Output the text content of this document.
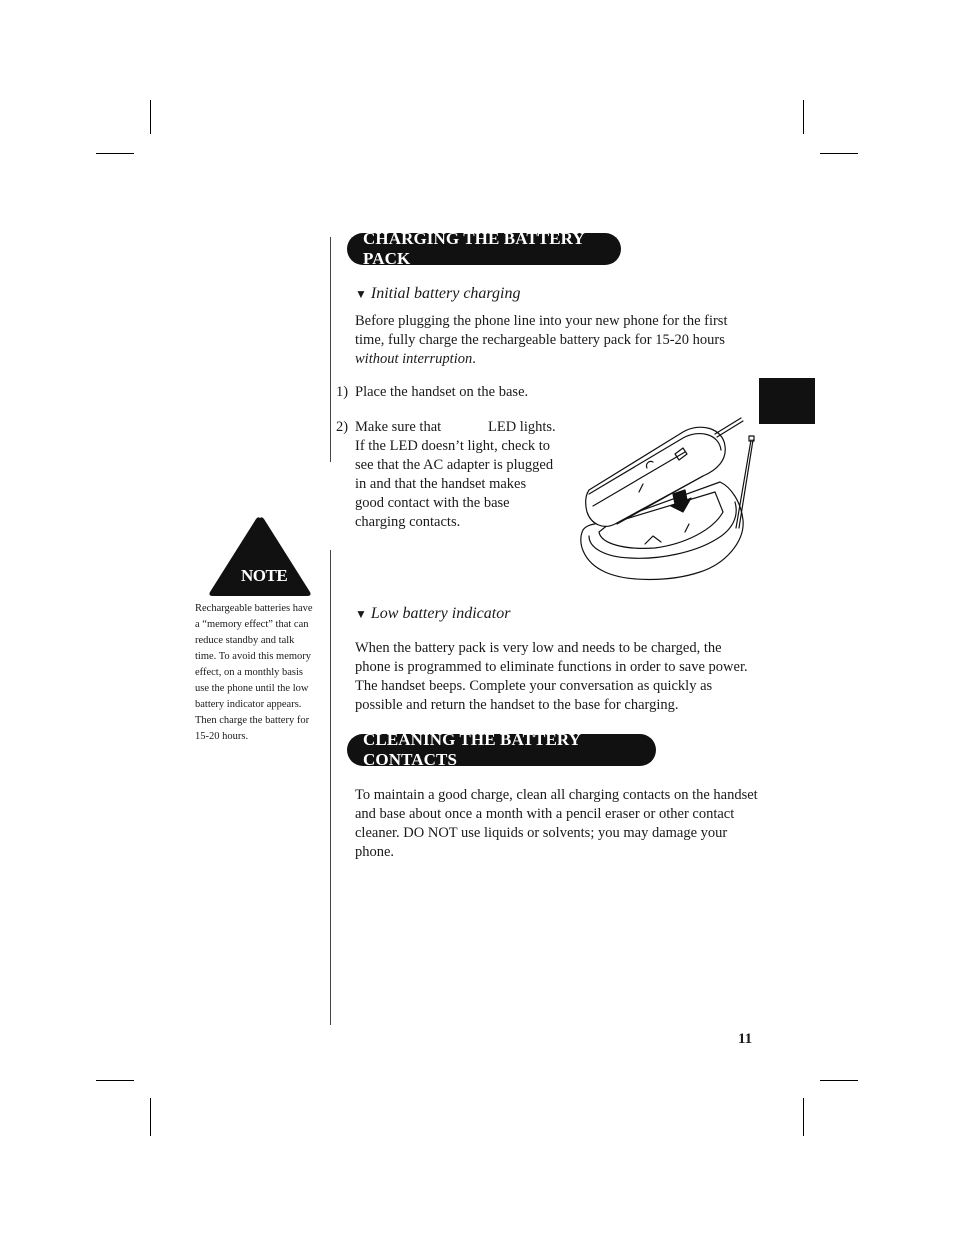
CHARGING THE BATTERY PACK
▼ Initial battery charging
Before plugging the phone line into your new phone for the first time, fully charge the rechargeable battery pack for 15-20 hours
without interruption.
1) Place the handset on the base.
2) Make sure that	LED lights.
If the LED doesn’t light, check to see that the AC adapter is plugged in and that the handset makes good contact with the base charging contacts.
▼ Low battery indicator
When the battery pack is very low and needs to be charged, the phone is programmed to eliminate functions in order to save power. The handset beeps. Complete your conversation as quickly as possible and return the handset to the base for charging.
CLEANING THE BATTERY CONTACTS
To maintain a good charge, clean all charging contacts on the handset and base about once a month with a pencil eraser or other contact cleaner. DO NOT use liquids or solvents; you may damage your phone.
NOTE
Rechargeable batteries have a “memory effect” that can reduce standby and talk time. To avoid this memory effect, on a monthly basis use the phone until the low battery indicator appears. Then charge the battery for 15-20 hours.
11
